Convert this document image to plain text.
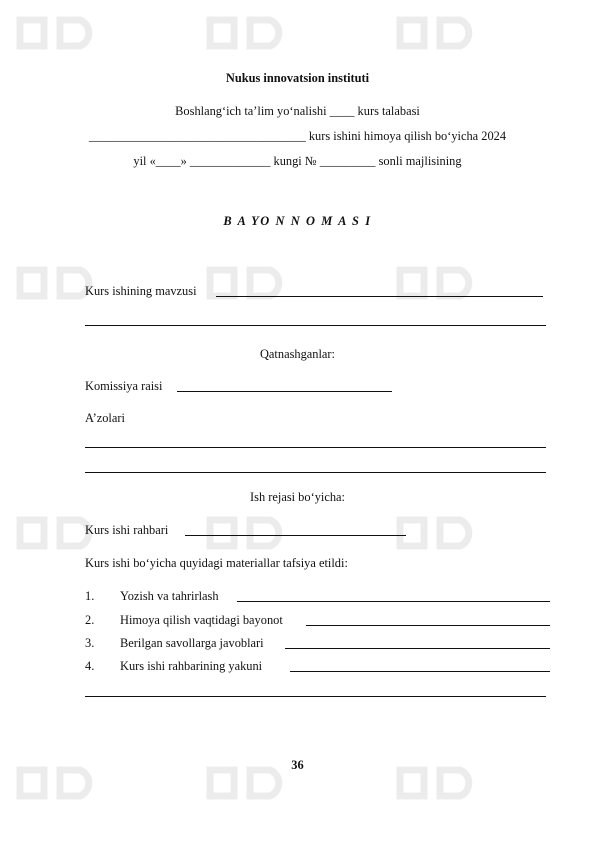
Nukus innovatsion instituti
Boshlang‘ich ta’lim yo‘nalishi ____ kurs talabasi
___________________________________ kurs ishini himoya qilish bo‘yicha 2024
yil «____» _____________ kungi № _________ sonli majlisining
B A YO N N O M A S I
Kurs ishining mavzusi
Qatnashganlar:
Komissiya raisi
A’zolari
Ish rejasi bo‘yicha:
Kurs ishi rahbari
Kurs ishi bo‘yicha quyidagi materiallar tafsiya etildi:
1.	Yozish va tahrirlash
2.	Himoya qilish vaqtidagi bayonot
3.	Berilgan savollarga javoblari
4.	Kurs ishi rahbarining yakuni
36
